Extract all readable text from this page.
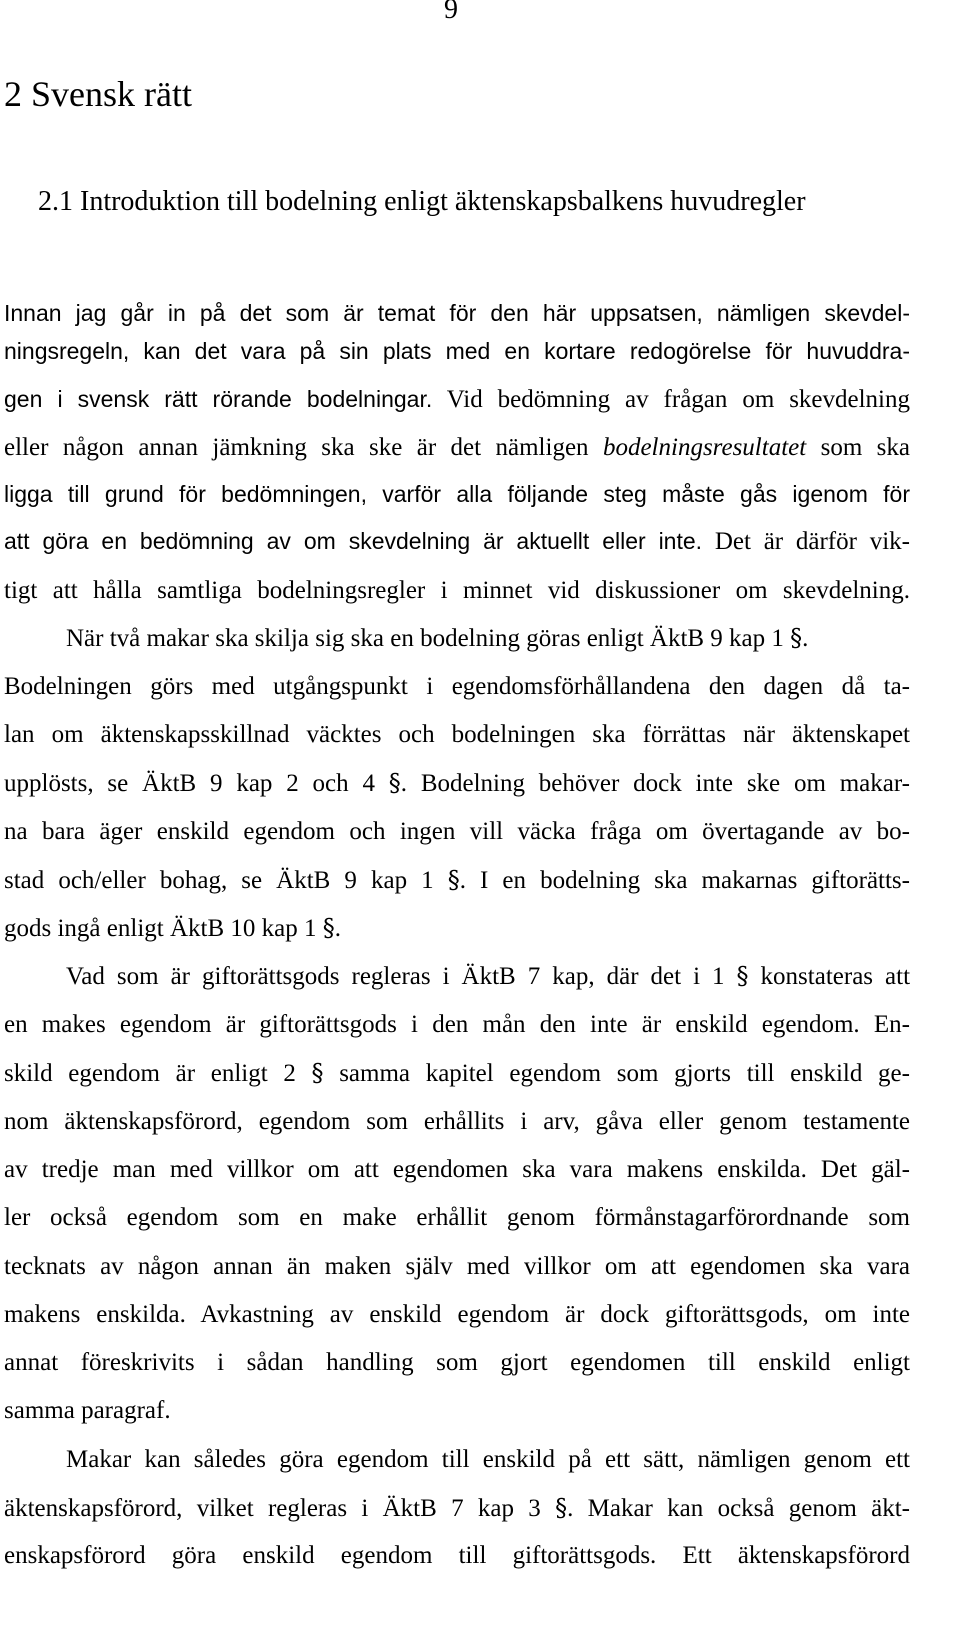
9
2 Svensk rätt
2.1 Introduktion till bodelning enligt äktenskapsbalkens huvudregler
Innan jag går in på det som är temat för den här uppsatsen, nämligen skevdel-
ningsregeln, kan det vara på sin plats med en kortare redogörelse för huvuddra-
gen i svensk rätt rörande bodelningar. Vid bedömning av frågan om skevdelning
eller någon annan jämkning ska ske är det nämligen bodelningsresultatet som ska
ligga till grund för bedömningen, varför alla följande steg måste gås igenom för
att göra en bedömning av om skevdelning är aktuellt eller inte. Det är därför vik-
tigt att hålla samtliga bodelningsregler i minnet vid diskussioner om skevdelning.
När två makar ska skilja sig ska en bodelning göras enligt ÄktB 9 kap 1 §.
Bodelningen görs med utgångspunkt i egendomsförhållandena den dagen då ta-
lan om äktenskapsskillnad väcktes och bodelningen ska förrättas när äktenskapet
upplösts, se ÄktB 9 kap 2 och 4 §. Bodelning behöver dock inte ske om makar-
na bara äger enskild egendom och ingen vill väcka fråga om övertagande av bo-
stad och/eller bohag, se ÄktB 9 kap 1 §. I en bodelning ska makarnas giftorätts-
gods ingå enligt ÄktB 10 kap 1 §.
Vad som är giftorättsgods regleras i ÄktB 7 kap, där det i 1 § konstateras att
en makes egendom är giftorättsgods i den mån den inte är enskild egendom. En-
skild egendom är enligt 2 § samma kapitel egendom som gjorts till enskild ge-
nom äktenskapsförord, egendom som erhållits i arv, gåva eller genom testamente
av tredje man med villkor om att egendomen ska vara makens enskilda. Det gäl-
ler också egendom som en make erhållit genom förmånstagarförordnande som
tecknats av någon annan än maken själv med villkor om att egendomen ska vara
makens enskilda. Avkastning av enskild egendom är dock giftorättsgods, om inte
annat föreskrivits i sådan handling som gjort egendomen till enskild enligt
samma paragraf.
Makar kan således göra egendom till enskild på ett sätt, nämligen genom ett
äktenskapsförord, vilket regleras i ÄktB 7 kap 3 §. Makar kan också genom äkt-
enskapsförord göra enskild egendom till giftorättsgods. Ett äktenskapsförord
